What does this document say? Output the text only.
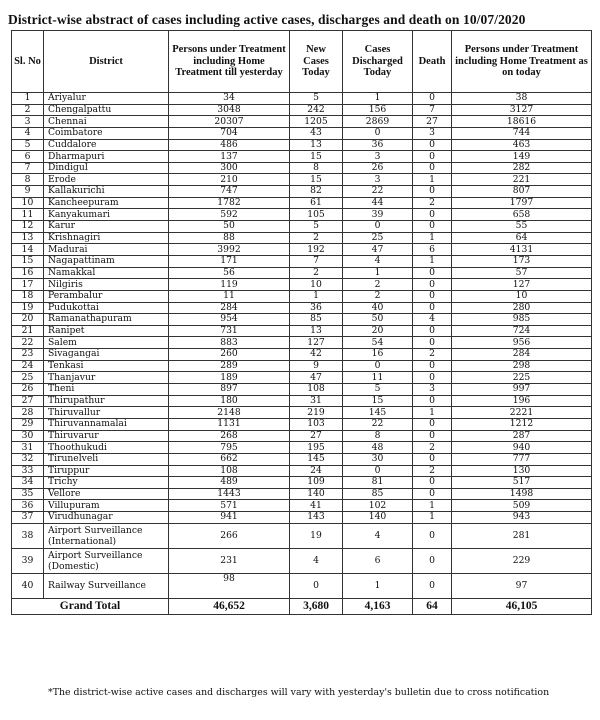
District-wise abstract of cases including active cases, discharges and death on 10/07/2020
Sl. No	District	Persons under Treatment including Home Treatment till yesterday	New Cases Today	Cases Discharged Today	Death	Persons under Treatment including Home Treatment as on today
1	Ariyalur	34	5	1	0	38
2	Chengalpattu	3048	242	156	7	3127
3	Chennai	20307	1205	2869	27	18616
4	Coimbatore	704	43	0	3	744
5	Cuddalore	486	13	36	0	463
6	Dharmapuri	137	15	3	0	149
7	Dindigul	300	8	26	0	282
8	Erode	210	15	3	1	221
9	Kallakurichi	747	82	22	0	807
10	Kancheepuram	1782	61	44	2	1797
11	Kanyakumari	592	105	39	0	658
12	Karur	50	5	0	0	55
13	Krishnagiri	88	2	25	1	64
14	Madurai	3992	192	47	6	4131
15	Nagapattinam	171	7	4	1	173
16	Namakkal	56	2	1	0	57
17	Nilgiris	119	10	2	0	127
18	Perambalur	11	1	2	0	10
19	Pudukottai	284	36	40	0	280
20	Ramanathapuram	954	85	50	4	985
21	Ranipet	731	13	20	0	724
22	Salem	883	127	54	0	956
23	Sivagangai	260	42	16	2	284
24	Tenkasi	289	9	0	0	298
25	Thanjavur	189	47	11	0	225
26	Theni	897	108	5	3	997
27	Thirupathur	180	31	15	0	196
28	Thiruvallur	2148	219	145	1	2221
29	Thiruvannamalai	1131	103	22	0	1212
30	Thiruvarur	268	27	8	0	287
31	Thoothukudi	795	195	48	2	940
32	Tirunelveli	662	145	30	0	777
33	Tiruppur	108	24	0	2	130
34	Trichy	489	109	81	0	517
35	Vellore	1443	140	85	0	1498
36	Villupuram	571	41	102	1	509
37	Virudhunagar	941	143	140	1	943
38	Airport Surveillance (International)	266	19	4	0	281
39	Airport Surveillance (Domestic)	231	4	6	0	229
40	Railway Surveillance	98	0	1	0	97
Grand Total		46,652	3,680	4,163	64	46,105
*The district-wise active cases and discharges will vary with yesterday's bulletin due to cross notification
